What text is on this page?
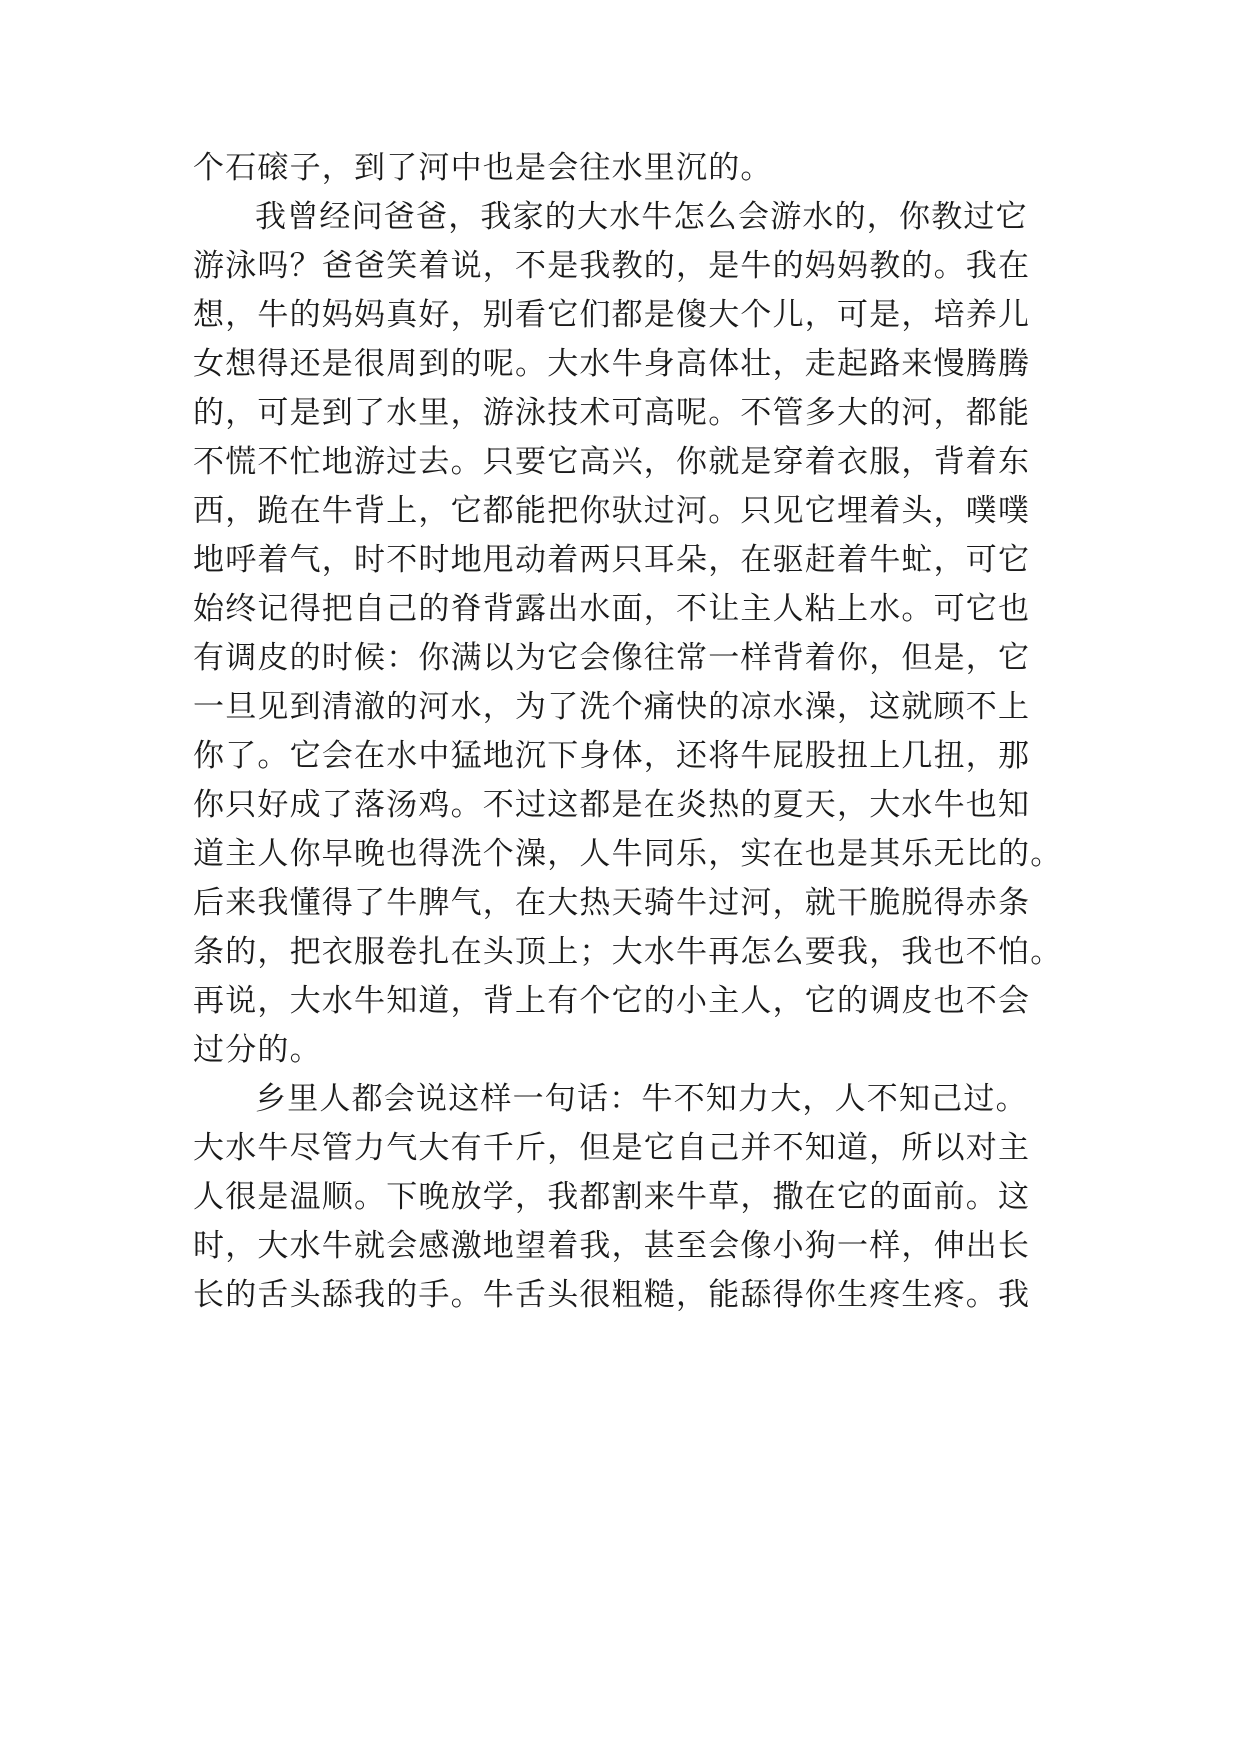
个石磙子，到了河中也是会往水里沉的。

我曾经问爸爸，我家的大水牛怎么会游水的，你教过它

游泳吗？爸爸笑着说，不是我教的，是牛的妈妈教的。我在

想，牛的妈妈真好，别看它们都是傻大个儿，可是，培养儿

女想得还是很周到的呢。大水牛身高体壮，走起路来慢腾腾

的，可是到了水里，游泳技术可高呢。不管多大的河，都能

不慌不忙地游过去。只要它高兴，你就是穿着衣服，背着东

西，跪在牛背上，它都能把你驮过河。只见它埋着头，噗噗

地呼着气，时不时地甩动着两只耳朵，在驱赶着牛虻，可它

始终记得把自己的脊背露出水面，不让主人粘上水。可它也

有调皮的时候：你满以为它会像往常一样背着你，但是，它

一旦见到清澈的河水，为了洗个痛快的凉水澡，这就顾不上

你了。它会在水中猛地沉下身体，还将牛屁股扭上几扭，那

你只好成了落汤鸡。不过这都是在炎热的夏天，大水牛也知

道主人你早晚也得洗个澡，人牛同乐，实在也是其乐无比的。

后来我懂得了牛脾气，在大热天骑牛过河，就干脆脱得赤条

条的，把衣服卷扎在头顶上；大水牛再怎么要我，我也不怕。

再说，大水牛知道，背上有个它的小主人，它的调皮也不会

过分的。

乡里人都会说这样一句话：牛不知力大，人不知己过。

大水牛尽管力气大有千斤，但是它自己并不知道，所以对主

人很是温顺。下晚放学，我都割来牛草，撒在它的面前。这

时，大水牛就会感激地望着我，甚至会像小狗一样，伸出长

长的舌头舔我的手。牛舌头很粗糙，能舔得你生疼生疼。我
